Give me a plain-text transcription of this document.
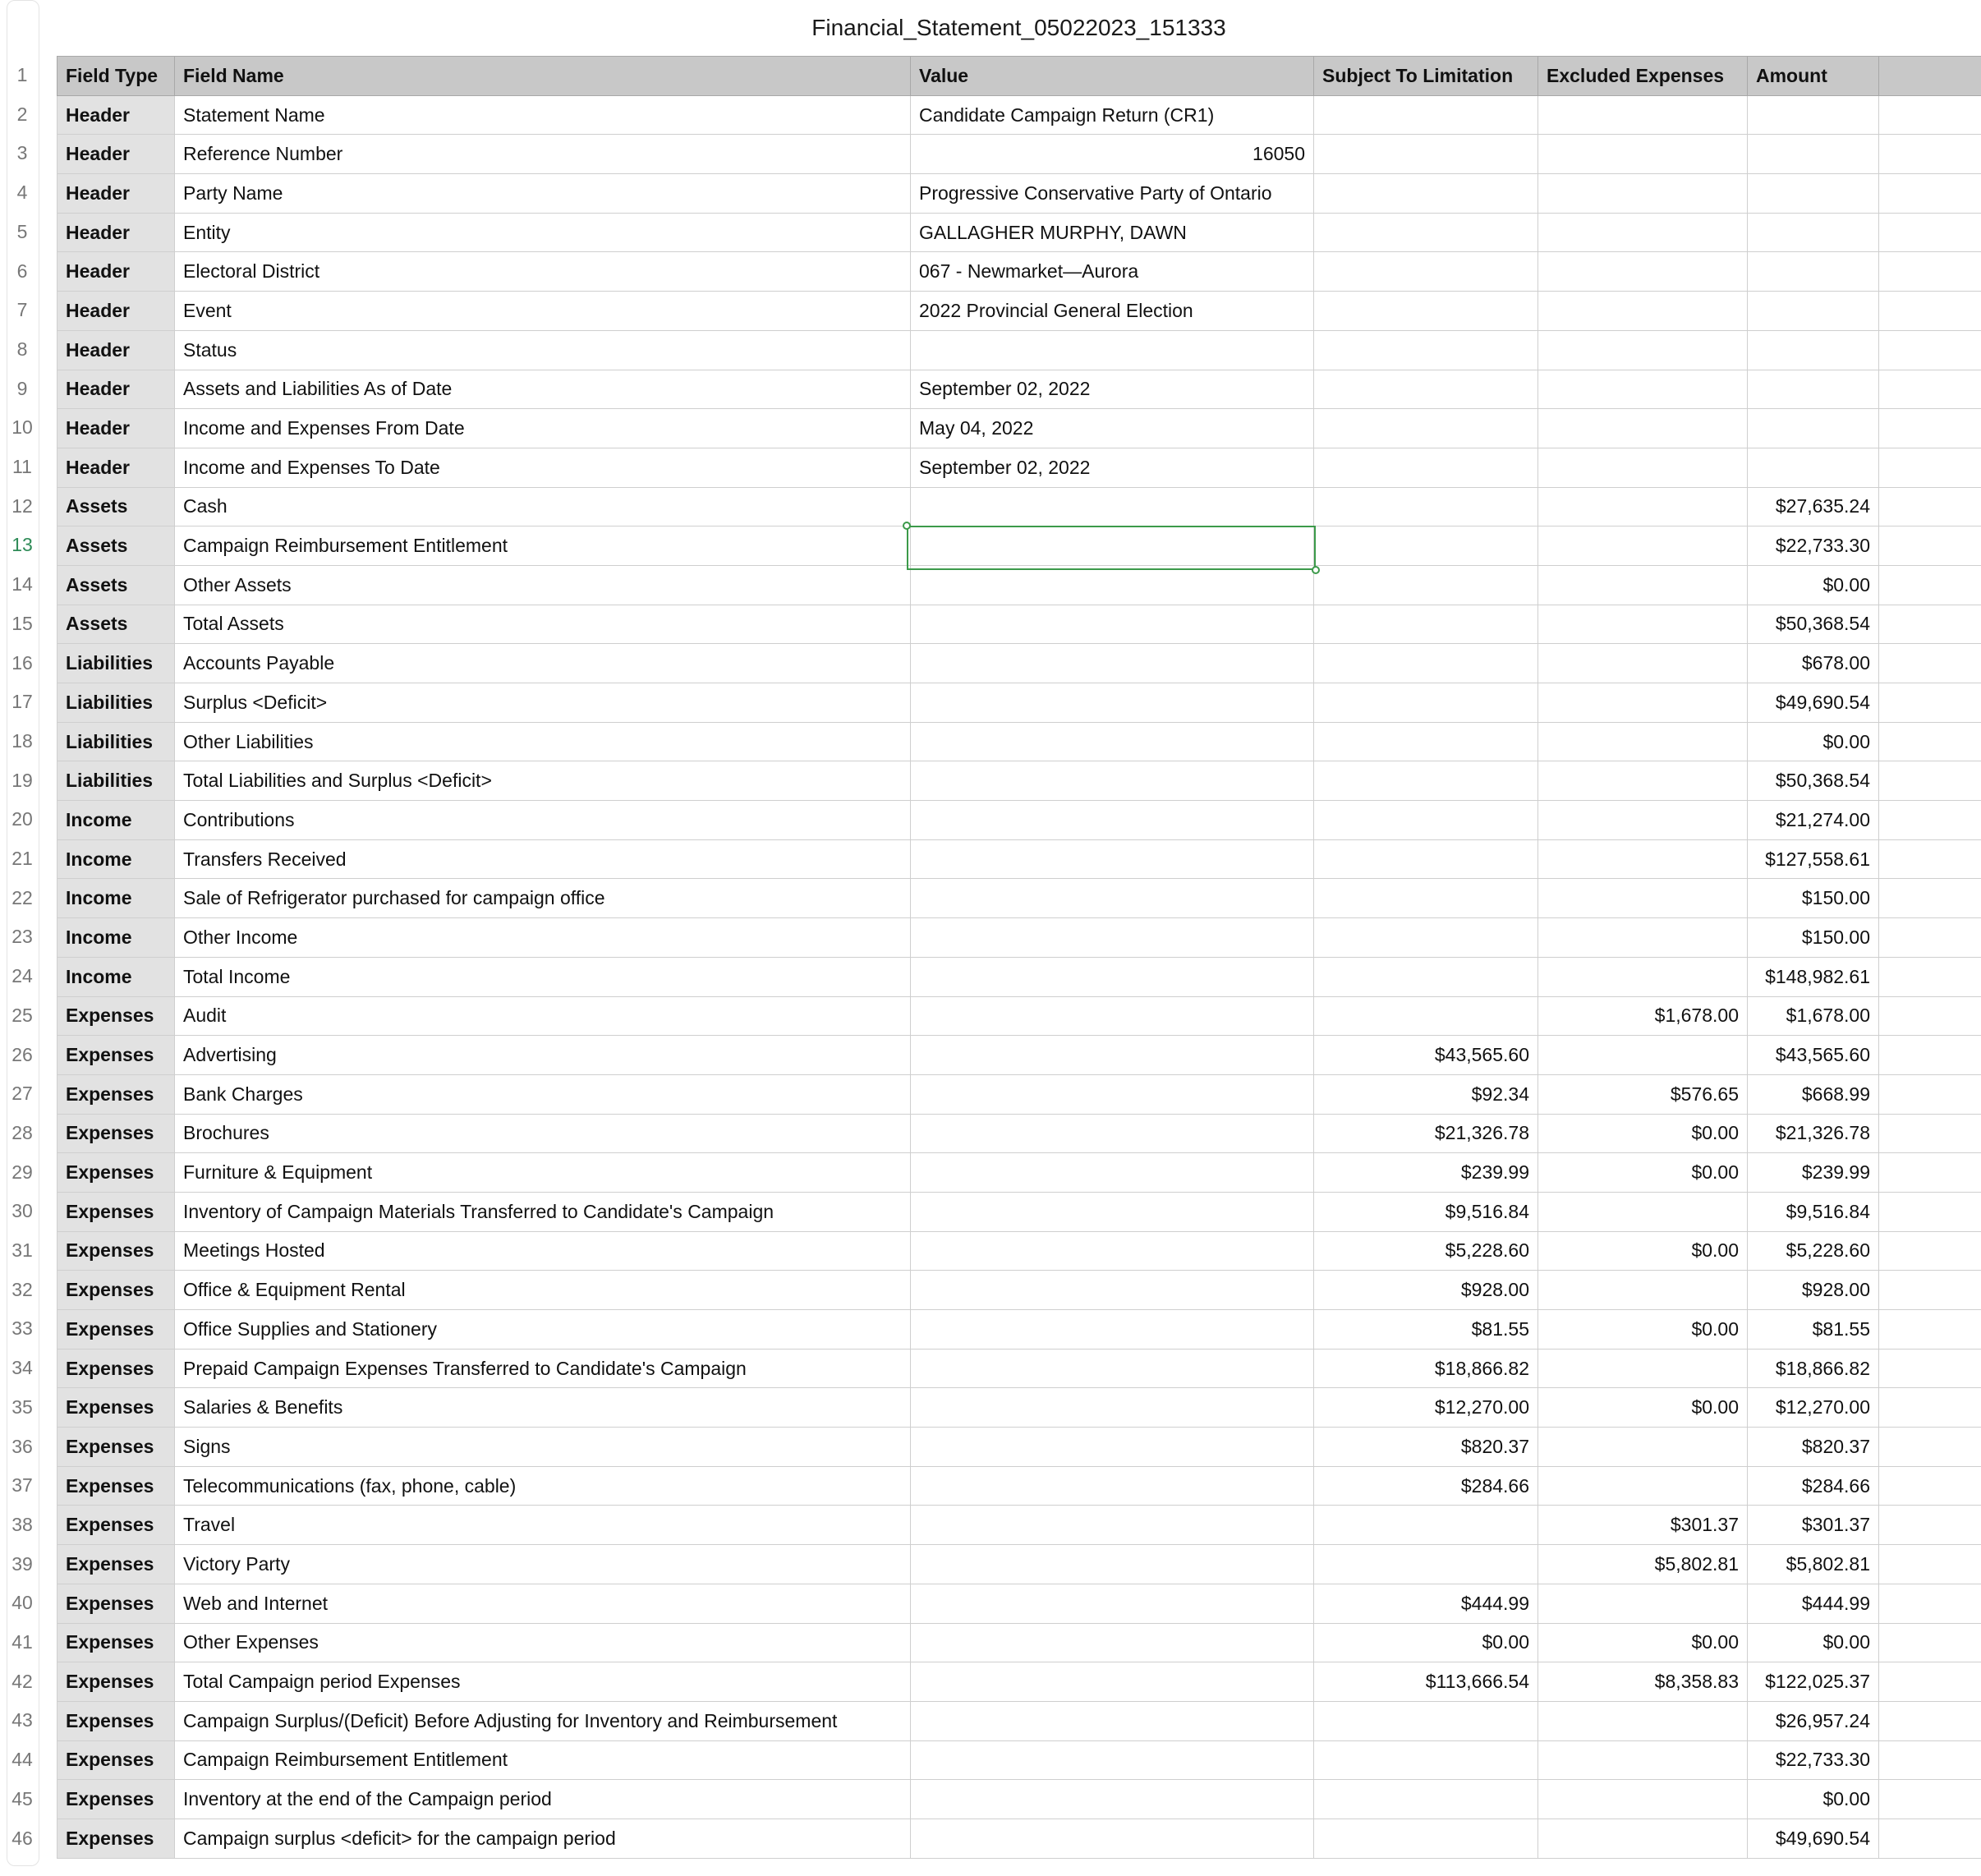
1
2
3
4
5
6
7
8
9
10
11
12
13
14
15
16
17
18
19
20
21
22
23
24
25
26
27
28
29
30
31
32
33
34
35
36
37
38
39
40
41
42
43
44
45
46
Financial_Statement_05022023_151333
Field Type	Field Name	Value	Subject To Limitation	Excluded Expenses	Amount	
Header	Statement Name	Candidate Campaign Return (CR1)				
Header	Reference Number	16050				
Header	Party Name	Progressive Conservative Party of Ontario				
Header	Entity	GALLAGHER MURPHY, DAWN				
Header	Electoral District	067 - Newmarket—Aurora				
Header	Event	2022 Provincial General Election				
Header	Status					
Header	Assets and Liabilities As of Date	September 02, 2022				
Header	Income and Expenses From Date	May 04, 2022				
Header	Income and Expenses To Date	September 02, 2022				
Assets	Cash				$27,635.24	
Assets	Campaign Reimbursement Entitlement				$22,733.30	
Assets	Other Assets				$0.00	
Assets	Total Assets				$50,368.54	
Liabilities	Accounts Payable				$678.00	
Liabilities	Surplus <Deficit>				$49,690.54	
Liabilities	Other Liabilities				$0.00	
Liabilities	Total Liabilities and Surplus <Deficit>				$50,368.54	
Income	Contributions				$21,274.00	
Income	Transfers Received				$127,558.61	
Income	Sale of Refrigerator purchased for campaign office				$150.00	
Income	Other Income				$150.00	
Income	Total Income				$148,982.61	
Expenses	Audit			$1,678.00	$1,678.00	
Expenses	Advertising		$43,565.60		$43,565.60	
Expenses	Bank Charges		$92.34	$576.65	$668.99	
Expenses	Brochures		$21,326.78	$0.00	$21,326.78	
Expenses	Furniture & Equipment		$239.99	$0.00	$239.99	
Expenses	Inventory of Campaign Materials Transferred to Candidate's Campaign		$9,516.84		$9,516.84	
Expenses	Meetings Hosted		$5,228.60	$0.00	$5,228.60	
Expenses	Office & Equipment Rental		$928.00		$928.00	
Expenses	Office Supplies and Stationery		$81.55	$0.00	$81.55	
Expenses	Prepaid Campaign Expenses Transferred to Candidate's Campaign		$18,866.82		$18,866.82	
Expenses	Salaries & Benefits		$12,270.00	$0.00	$12,270.00	
Expenses	Signs		$820.37		$820.37	
Expenses	Telecommunications (fax, phone, cable)		$284.66		$284.66	
Expenses	Travel			$301.37	$301.37	
Expenses	Victory Party			$5,802.81	$5,802.81	
Expenses	Web and Internet		$444.99		$444.99	
Expenses	Other Expenses		$0.00	$0.00	$0.00	
Expenses	Total Campaign period Expenses		$113,666.54	$8,358.83	$122,025.37	
Expenses	Campaign Surplus/(Deficit) Before Adjusting for Inventory and Reimbursement				$26,957.24	
Expenses	Campaign Reimbursement Entitlement				$22,733.30	
Expenses	Inventory at the end of the Campaign period				$0.00	
Expenses	Campaign surplus <deficit> for the campaign period				$49,690.54	
